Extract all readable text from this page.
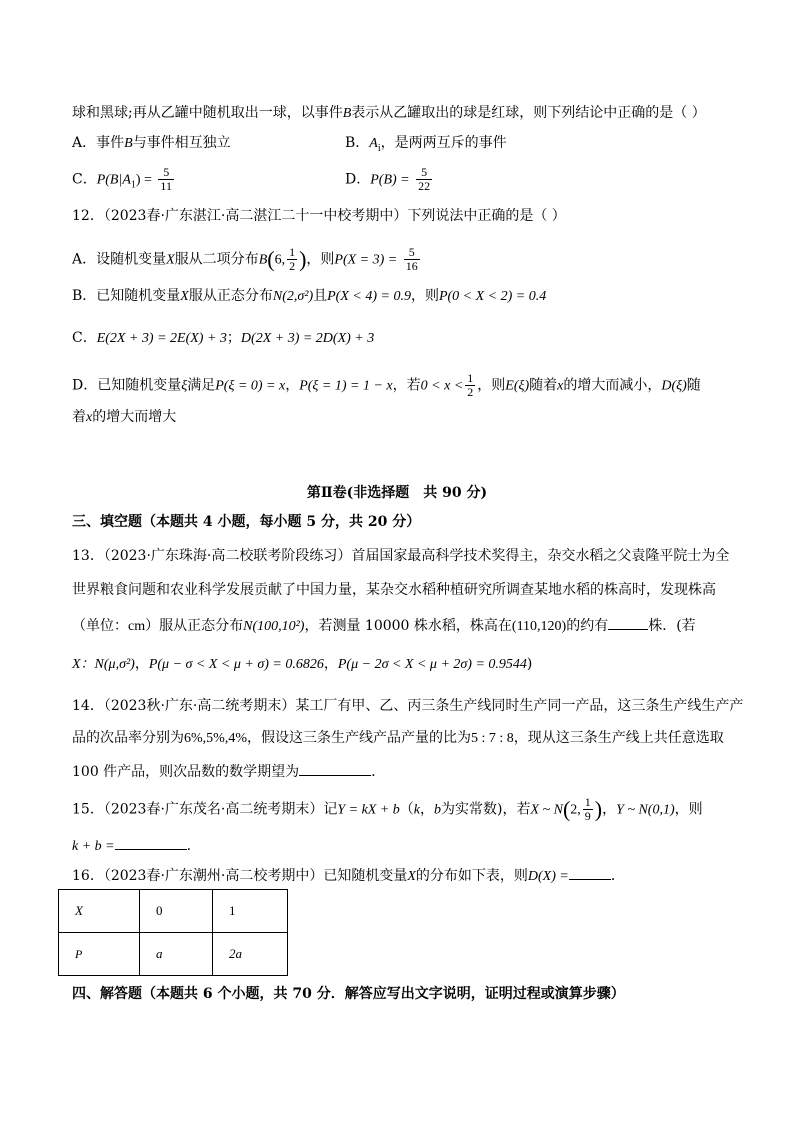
球和黑球;再从乙罐中随机取出一球，以事件B表示从乙罐取出的球是红球，则下列结论中正确的是（ ）
A．事件B与事件相互独立	B．$A_i$，是两两互斥的事件
C．$P(B|A_1) = \frac{5}{11}$	D．$P(B) = \frac{5}{22}$
12．（2023春·广东湛江·高二湛江二十一中校考期中）下列说法中正确的是（ ）
A．设随机变量X服从二项分布B(6, $\frac{1}{2}$ )，则$P(X = 3) = \frac{5}{16}$
B．已知随机变量X服从正态分布N(2,σ²)且P(X < 4) = 0.9，则P(0 < X < 2) = 0.4
C．E(2X + 3) = 2E(X) + 3；D(2X + 3) = 2D(X) + 3
D．已知随机变量ξ满足P(ξ = 0) = x，P(ξ = 1) = 1 − x，若$0 < x < \frac{1}{2}$ ，则E(ξ)随着x的增大而减小，D(ξ)随
着x的增大而增大
第Ⅱ卷(非选择题　共 90 分)
三、填空题（本题共 4 小题，每小题 5 分，共 20 分）
13．（2023·广东珠海·高二校联考阶段练习）首届国家最高科学技术奖得主，杂交水稻之父袁隆平院士为全
世界粮食问题和农业科学发展贡献了中国力量，某杂交水稻种植研究所调查某地水稻的株高时，发现株高
（单位：cm）服从正态分布N(100,10²)，若测量 10000 株水稻，株高在(110,120)的约有	株．(若
X：N(μ,σ²)，P(μ − σ < X < μ + σ) = 0.6826，P(μ − 2σ < X < μ + 2σ) = 0.9544)
14．（2023秋·广东·高二统考期末）某工厂有甲、乙、丙三条生产线同时生产同一产品，这三条生产线生产产
品的次品率分别为6%,5%,4%，假设这三条生产线产品产量的比为5 : 7 : 8，现从这三条生产线上共任意选取
100 件产品，则次品数的数学期望为	.
15．（2023春·广东茂名·高二统考期末）记Y = kX + b（k，b为实常数)，若X ~ N(2, $\frac{1}{9}$ )，Y ~ N(0,1)，则
k + b =	.
16．（2023春·广东潮州·高二校考期中）已知随机变量X的分布如下表，则D(X) =	．
X	0	1
P	a	2a
四、解答题（本题共 6 个小题，共 70 分．解答应写出文字说明，证明过程或演算步骤）
